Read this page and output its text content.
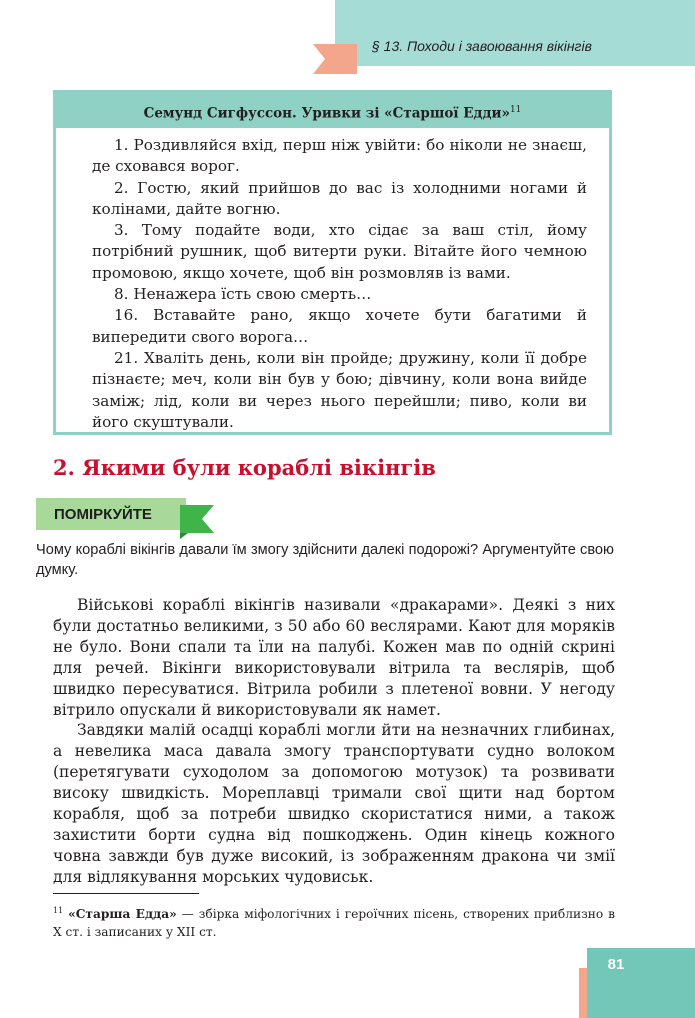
§ 13. Походи і завоювання вікінгів
Семунд Сигфуссон. Уривки зі «Старшої Едди»$^{11}$

1. Роздивляйся вхід, перш ніж увійти: бо ніколи не знаєш, де сховався ворог.

2. Гостю, який прийшов до вас із холодними ногами й колінами, дайте вогню.

3. Тому подайте води, хто сідає за ваш стіл, йому потрібний рушник, щоб витерти руки. Вітайте його чемною промовою, якщо хочете, щоб він розмовляв із вами.

8. Ненажера їсть свою смерть…

16. Вставайте рано, якщо хочете бути багатими й випередити свого ворога…

21. Хваліть день, коли він пройде; дружину, коли її добре пізнаєте; меч, коли він був у бою; дівчину, коли вона вийде заміж; лід, коли ви через нього перейшли; пиво, коли ви його скуштували.

2. Якими були кораблі вікінгів
ПОМІРКУЙТЕ
Чому кораблі вікінгів давали їм змогу здійснити далекі подорожі? Аргументуйте свою думку.

Військові кораблі вікінгів називали «дракарами». Деякі з них були достатньо великими, з 50 або 60 веслярами. Кают для моряків не було. Вони спали та їли на палубі. Кожен мав по одній скрині для речей. Вікінги використовували вітрила та веслярів, щоб швидко пересуватися. Вітрила робили з плетеної вовни. У негоду вітрило опускали й використовували як намет.

Завдяки малій осадці кораблі могли йти на незначних глибинах, а невелика маса давала змогу транспортувати судно волоком (перетягувати суходолом за допомогою мотузок) та розвивати високу швидкість. Мореплавці тримали свої щити над бортом корабля, щоб за потреби швидко скористатися ними, а також захистити борти судна від пошкоджень. Один кінець кожного човна завжди був дуже високий, із зображенням дракона чи змії для відлякування морських чудовиськ.

$^{11}$ «Старша Едда» — збірка міфологічних і героїчних пісень, створених приблизно в X ст. і записаних у XII ст.
81
